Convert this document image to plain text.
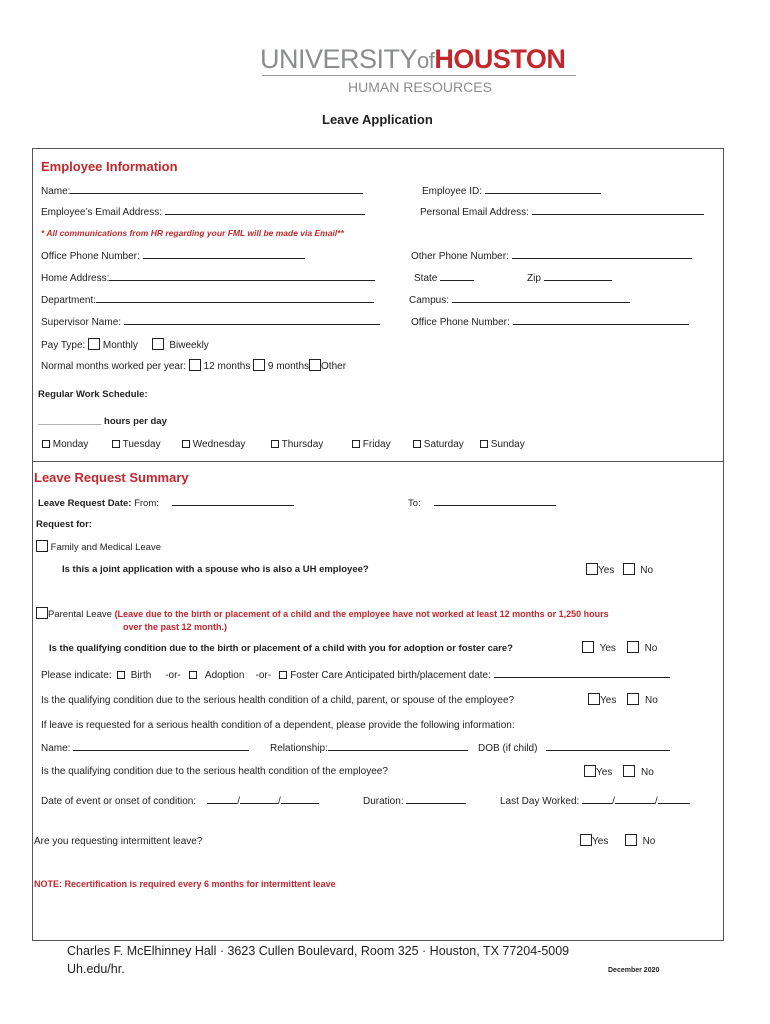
UNIVERSITYofHOUSTON
HUMAN RESOURCES
Leave Application
Employee Information
Name:	Employee ID:
Employee’s Email Address:	Personal Email Address:
* All communications from HR regarding your FML will be made via Email**
Office Phone Number:	Other Phone Number:
Home Address:	State	Zip
Department:	Campus:
Supervisor Name:	Office Phone Number:
Pay Type: Monthly	Biweekly
Normal months worked per year: 12 months 9 months Other
Regular Work Schedule:
____________ hours per day
Monday	Tuesday	Wednesday	Thursday	Friday	Saturday	Sunday
Leave Request Summary
Leave Request Date: From:	To:
Request for:
Family and Medical Leave
Is this a joint application with a spouse who is also a UH employee?	Yes	No
Parental Leave (Leave due to the birth or placement of a child and the employee have not worked at least 12 months or 1,250 hours
over the past 12 month.)
Is the qualifying condition due to the birth or placement of a child with you for adoption or foster care?	Yes	No
Please indicate: Birth -or- Adoption -or- Foster Care Anticipated birth/placement date:
Is the qualifying condition due to the serious health condition of a child, parent, or spouse of the employee?	Yes	No
If leave is requested for a serious health condition of a dependent, please provide the following information:
Name:	Relationship:	DOB (if child)
Is the qualifying condition due to the serious health condition of the employee?	Yes	No
Date of event or onset of condition:	/	/	Duration:	Last Day Worked:	/	/
Are you requesting intermittent leave?	Yes	No
NOTE: Recertification is required every 6 months for intermittent leave
Charles F. McElhinney Hall · 3623 Cullen Boulevard, Room 325 · Houston, TX 77204-5009
Uh.edu/hr.	December 2020
